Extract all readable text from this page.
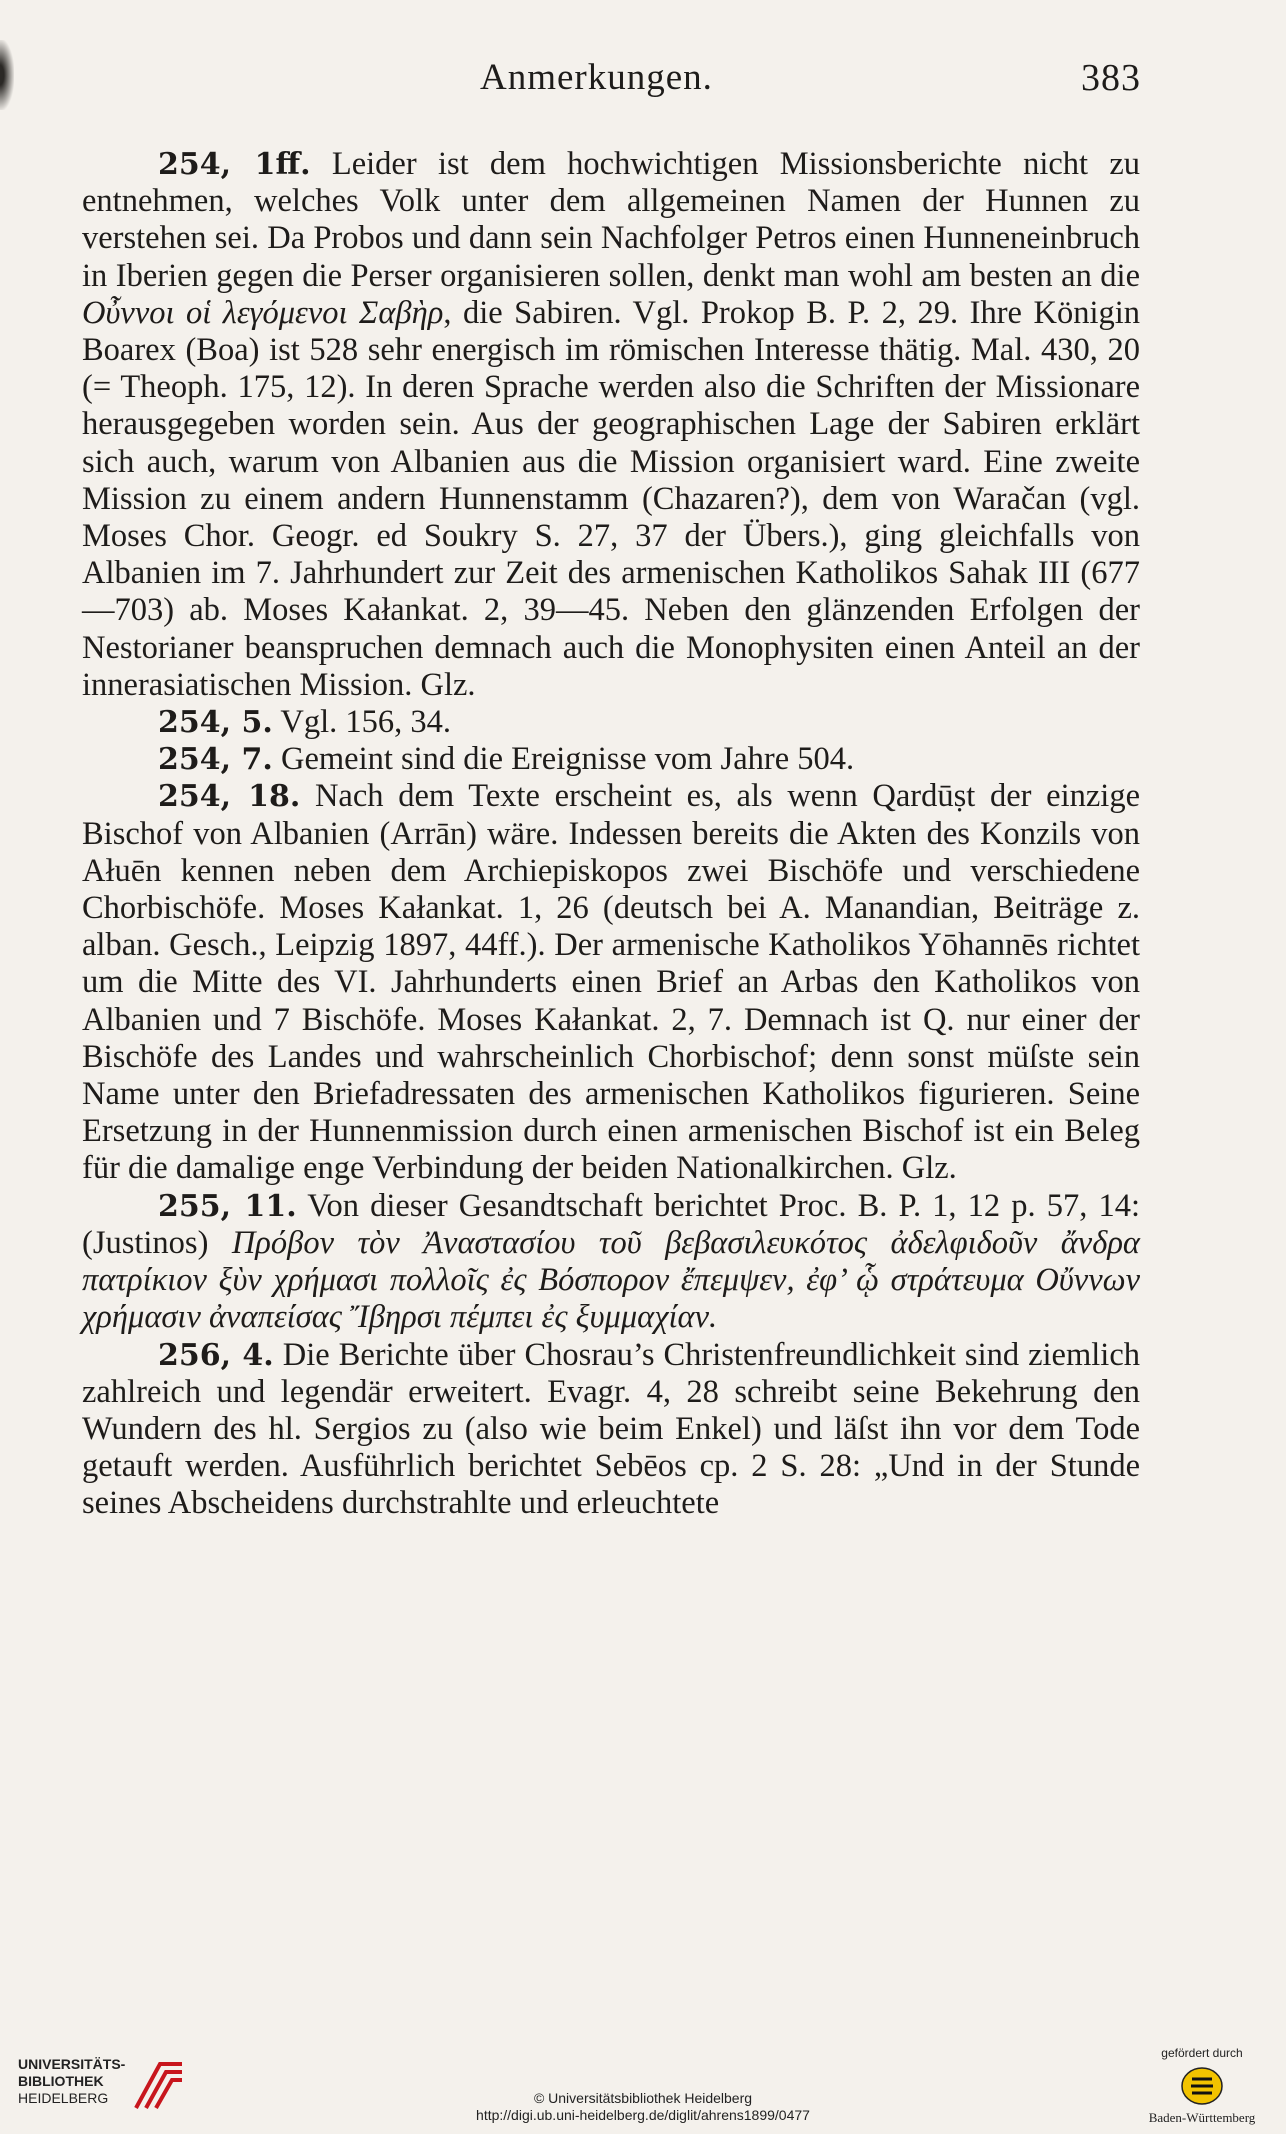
Anmerkungen.	383

254, 1ff. Leider ist dem hochwichtigen Missionsberichte nicht zu entnehmen, welches Volk unter dem allgemeinen Namen der Hunnen zu verstehen sei. Da Probos und dann sein Nachfolger Petros einen Hunneneinbruch in Iberien gegen die Perser organisieren sollen, denkt man wohl am besten an die Οὖννοι οἱ λεγόμενοι Σαβὴρ, die Sabiren. Vgl. Prokop B. P. 2, 29. Ihre Königin Boarex (Boa) ist 528 sehr energisch im römischen Interesse thätig. Mal. 430, 20 (= Theoph. 175, 12). In deren Sprache werden also die Schriften der Missionare herausgegeben worden sein. Aus der geographischen Lage der Sabiren erklärt sich auch, warum von Albanien aus die Mission organisiert ward. Eine zweite Mission zu einem andern Hunnenstamm (Chazaren?), dem von Waračan (vgl. Moses Chor. Geogr. ed Soukry S. 27, 37 der Übers.), ging gleichfalls von Albanien im 7. Jahrhundert zur Zeit des armenischen Katholikos Sahak III (677—703) ab. Moses Kałankat. 2, 39—45. Neben den glänzenden Erfolgen der Nestorianer beanspruchen demnach auch die Monophysiten einen Anteil an der innerasiatischen Mission. Glz.

254, 5. Vgl. 156, 34.

254, 7. Gemeint sind die Ereignisse vom Jahre 504.

254, 18. Nach dem Texte erscheint es, als wenn Qardūṣt der einzige Bischof von Albanien (Arrān) wäre. Indessen bereits die Akten des Konzils von Ałuēn kennen neben dem Archiepiskopos zwei Bischöfe und verschiedene Chorbischöfe. Moses Kałankat. 1, 26 (deutsch bei A. Manandian, Beiträge z. alban. Gesch., Leipzig 1897, 44ff.). Der armenische Katholikos Yōhannēs richtet um die Mitte des VI. Jahrhunderts einen Brief an Arbas den Katholikos von Albanien und 7 Bischöfe. Moses Kałankat. 2, 7. Demnach ist Q. nur einer der Bischöfe des Landes und wahrscheinlich Chorbischof; denn sonst müſste sein Name unter den Briefadressaten des armenischen Katholikos figurieren. Seine Ersetzung in der Hunnenmission durch einen armenischen Bischof ist ein Beleg für die damalige enge Verbindung der beiden Nationalkirchen. Glz.

255, 11. Von dieser Gesandtschaft berichtet Proc. B. P. 1, 12 p. 57, 14: (Justinos) Πρόβον τὸν Ἀναστασίου τοῦ βεβασιλευκότος ἀδελφιδοῦν ἄνδρα πατρίκιον ξὺν χρήμασι πολλοῖς ἐς Βόσπορον ἔπεμψεν, ἐφ’ ᾧ στράτευμα Οὔννων χρήμασιν ἀναπείσας Ἴβηρσι πέμπει ἐς ξυμμαχίαν.

256, 4. Die Berichte über Chosrau’s Christenfreundlichkeit sind ziemlich zahlreich und legendär erweitert. Evagr. 4, 28 schreibt seine Bekehrung den Wundern des hl. Sergios zu (also wie beim Enkel) und läſst ihn vor dem Tode getauft werden. Ausführlich berichtet Sebēos cp. 2 S. 28: „Und in der Stunde seines Abscheidens durchstrahlte und erleuchtete

UNIVERSITÄTS-
BIBLIOTHEK
HEIDELBERG	© Universitätsbibliothek Heidelberg
http://digi.ub.uni-heidelberg.de/diglit/ahrens1899/0477
gefördert durch
Baden-Württemberg
